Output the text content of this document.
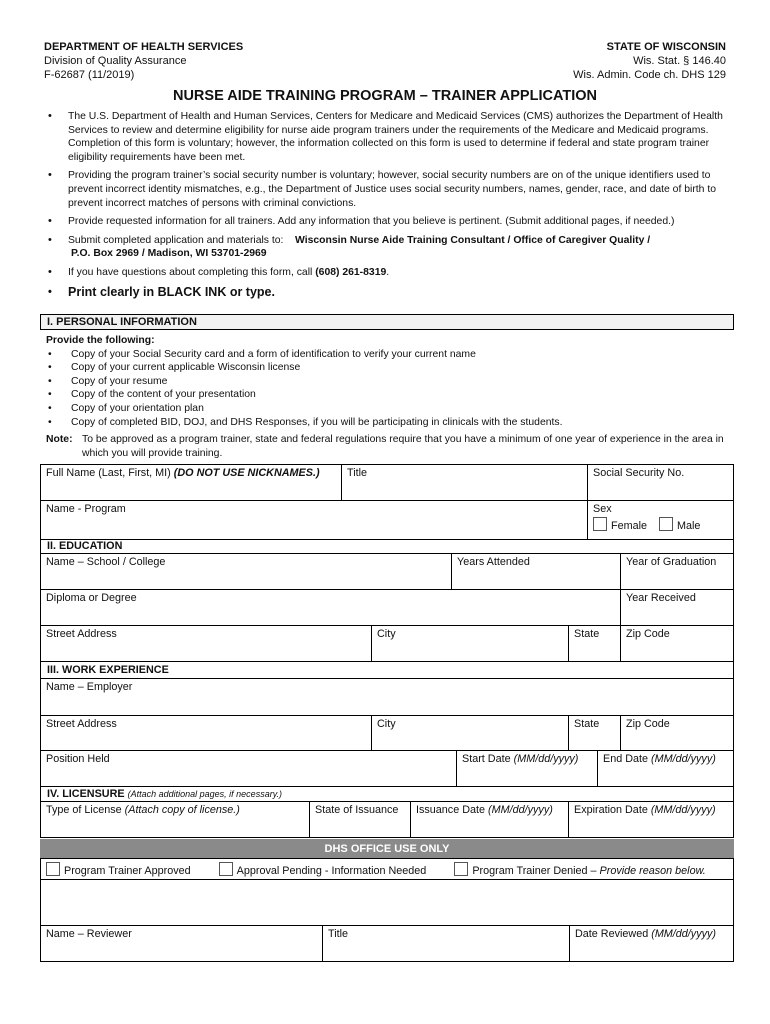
DEPARTMENT OF HEALTH SERVICES
Division of Quality Assurance
F-62687 (11/2019)
STATE OF WISCONSIN
Wis. Stat. § 146.40
Wis. Admin. Code ch. DHS 129
NURSE AIDE TRAINING PROGRAM – TRAINER APPLICATION
• The U.S. Department of Health and Human Services, Centers for Medicare and Medicaid Services (CMS) authorizes the Department of Health Services to review and determine eligibility for nurse aide program trainers under the requirements of the Medicare and Medicaid programs. Completion of this form is voluntary; however, the information collected on this form is used to determine if federal and state program trainer eligibility requirements have been met.
• Providing the program trainer’s social security number is voluntary; however, social security numbers are on of the unique identifiers used to prevent incorrect identity mismatches, e.g., the Department of Justice uses social security numbers, names, gender, race, and date of birth to prevent incorrect matches of persons with criminal convictions.
• Provide requested information for all trainers. Add any information that you believe is pertinent. (Submit additional pages, if needed.)
• Submit completed application and materials to: Wisconsin Nurse Aide Training Consultant / Office of Caregiver Quality /
P.O. Box 2969 / Madison, WI 53701-2969
• If you have questions about completing this form, call (608) 261-8319.
• Print clearly in BLACK INK or type.
I. PERSONAL INFORMATION
Provide the following:
• Copy of your Social Security card and a form of identification to verify your current name
• Copy of your current applicable Wisconsin license
• Copy of your resume
• Copy of the content of your presentation
• Copy of your orientation plan
• Copy of completed BID, DOJ, and DHS Responses, if you will be participating in clinicals with the students.
Note: To be approved as a program trainer, state and federal regulations require that you have a minimum of one year of experience in the area in which you will provide training.
Full Name (Last, First, MI) (DO NOT USE NICKNAMES.)	Title	Social Security No.
Name - Program	Sex
Female	Male
II. EDUCATION
Name – School / College	Years Attended	Year of Graduation
Diploma or Degree	Year Received
Street Address	City	State	Zip Code
III. WORK EXPERIENCE
Name – Employer
Street Address	City	State	Zip Code
Position Held	Start Date (MM/dd/yyyy)	End Date (MM/dd/yyyy)
IV. LICENSURE (Attach additional pages, if necessary.)
Type of License (Attach copy of license.)	State of Issuance	Issuance Date (MM/dd/yyyy)	Expiration Date (MM/dd/yyyy)
DHS OFFICE USE ONLY
Program Trainer Approved	Approval Pending - Information Needed	Program Trainer Denied – Provide reason below.
Name – Reviewer	Title	Date Reviewed (MM/dd/yyyy)
